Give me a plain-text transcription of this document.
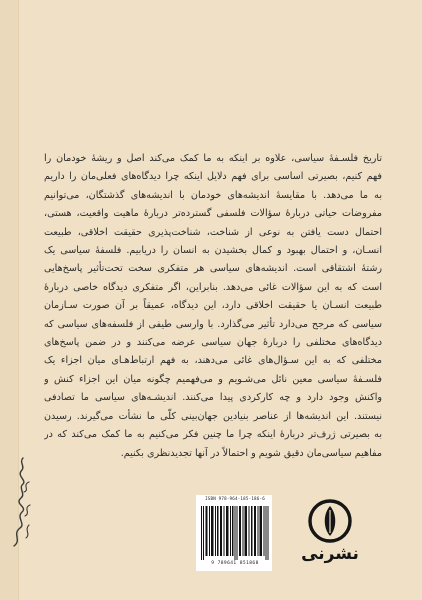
تاریخ فلسـفهٔ سیاسی، علاوه بر اینکه به ما کمک می‌کند اصل و ریشهٔ خودمان را
فهم کنیم، بصیرتی اساسی برای فهم دلایل اینکه چرا دیدگاه‌های فعلی‌مان را داریم
به ما می‌دهد. با مقایسهٔ اندیشه‌های خودمان با اندیشه‌های گذشتگان، می‌توانیم
مفروضات حیاتی دربارهٔ سؤالات فلسفی گسترده‌تر دربارهٔ ماهیت واقعیت، هستی،
احتمال دست یافتن به نوعی از شناخت، شناخت‌پذیری حقیقت اخلاقی، طبیعت
انسـان، و احتمال بهبود و کمال بخشیدن به انسان را دریابیم. فلسفهٔ سیاسی یک
رشتهٔ اشتقاقی است. اندیشه‌های سیاسی هر متفکری سخت تحت‌تأثیر پاسخ‌هایی
است که به این سؤالات غائی می‌دهد. بنابراین، اگر متفکری دیدگاه خاصی دربارهٔ
طبیعت انسـان یا حقیقت اخلاقی دارد، این دیدگاه، عمیقاً بر آن صورت سـازمان
سیاسی که مرجح می‌دارد تأثیر می‌گذارد. با وارسی طیفی از فلسفه‌های سیاسی که
دیدگاه‌های مختلفی را دربارهٔ جهان سیاسی عرضه می‌کنند و در ضمن پاسخ‌های
مختلفی که به این سـؤال‌های غائی می‌دهند، به فهم ارتباط‌هـای میان اجزاء یک
فلسـفهٔ سیاسی معین نائل می‌شـویم و می‌فهمیم چگونه میان این اجزاء کنش و
واکنش وجود دارد و چه کارکردی پیدا می‌کنند. اندیشـه‌های سیاسی ما تصادفی
نیستند. این اندیشه‌ها از عناصر بنیادین جهان‌بینی کلّی ما نشأت می‌گیرند. رسیدن
به بصیرتی ژرف‌تر دربارهٔ اینکه چرا ما چنین فکر می‌کنیم به ما کمک می‌کند که در
مفاهیم سیاسی‌مان دقیق شویم و احتمالاً در آنها تجدیدنظری بکنیم.
ISBN 978-964-185-186-6
9 789641 851868	نشرنی
